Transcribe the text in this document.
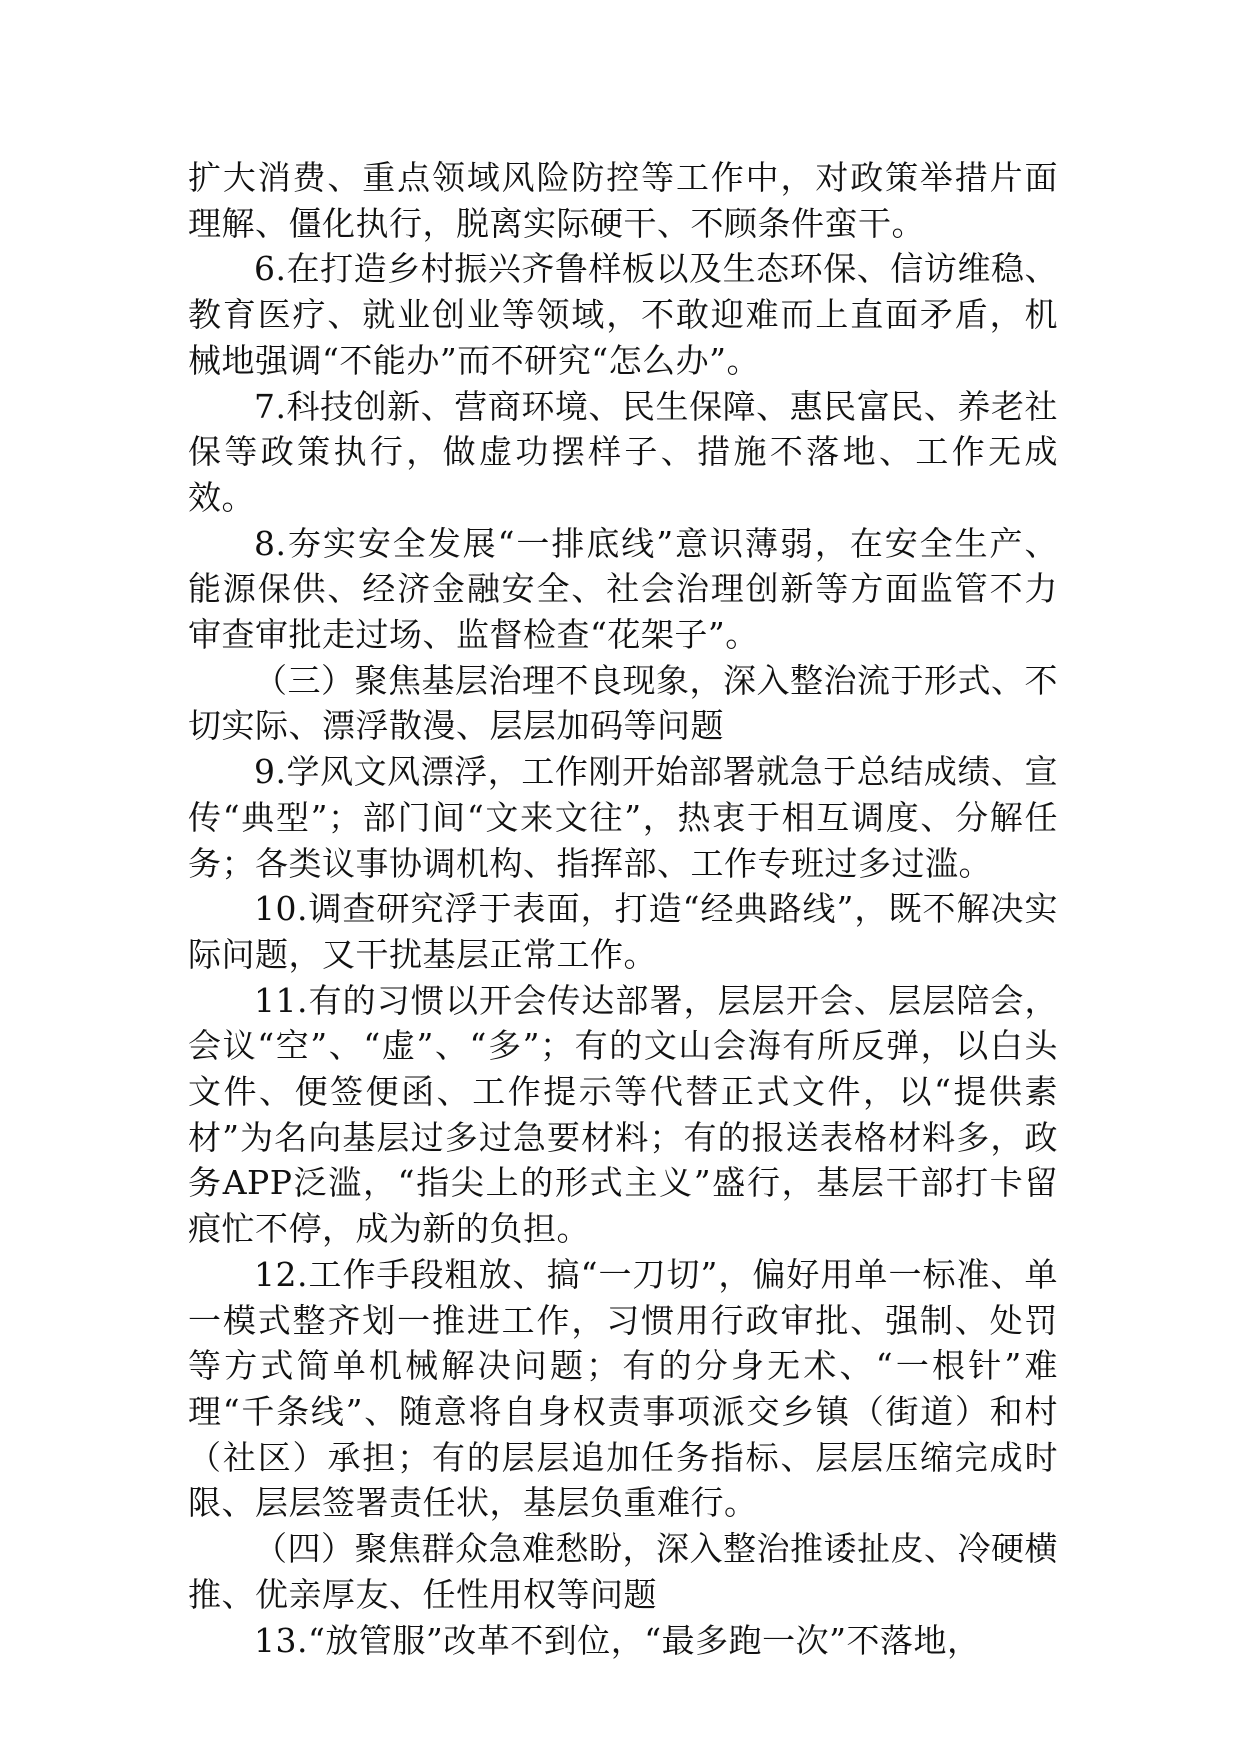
扩大消费、重点领域风险防控等工作中，对政策举措片面理解、僵化执行，脱离实际硬干、不顾条件蛮干。

6.在打造乡村振兴齐鲁样板以及生态环保、信访维稳、教育医疗、就业创业等领域，不敢迎难而上直面矛盾，机械地强调“不能办”而不研究“怎么办”。

7.科技创新、营商环境、民生保障、惠民富民、养老社保等政策执行，做虚功摆样子、措施不落地、工作无成效。

8.夯实安全发展“一排底线”意识薄弱，在安全生产、能源保供、经济金融安全、社会治理创新等方面监管不力审查审批走过场、监督检查“花架子”。

（三）聚焦基层治理不良现象，深入整治流于形式、不切实际、漂浮散漫、层层加码等问题

9.学风文风漂浮，工作刚开始部署就急于总结成绩、宣传“典型”；部门间“文来文往”，热衷于相互调度、分解任务；各类议事协调机构、指挥部、工作专班过多过滥。

10.调查研究浮于表面，打造“经典路线”，既不解决实际问题，又干扰基层正常工作。

11.有的习惯以开会传达部署，层层开会、层层陪会，会议“空”、“虚”、“多”；有的文山会海有所反弹，以白头文件、便签便函、工作提示等代替正式文件，以“提供素材”为名向基层过多过急要材料；有的报送表格材料多，政务APP泛滥，“指尖上的形式主义”盛行，基层干部打卡留痕忙不停，成为新的负担。

12.工作手段粗放、搞“一刀切”，偏好用单一标准、单一模式整齐划一推进工作，习惯用行政审批、强制、处罚等方式简单机械解决问题；有的分身无术、“一根针”难理“千条线”、随意将自身权责事项派交乡镇（街道）和村（社区）承担；有的层层追加任务指标、层层压缩完成时限、层层签署责任状，基层负重难行。

（四）聚焦群众急难愁盼，深入整治推诿扯皮、冷硬横推、优亲厚友、任性用权等问题

13.“放管服”改革不到位，“最多跑一次”不落地，
